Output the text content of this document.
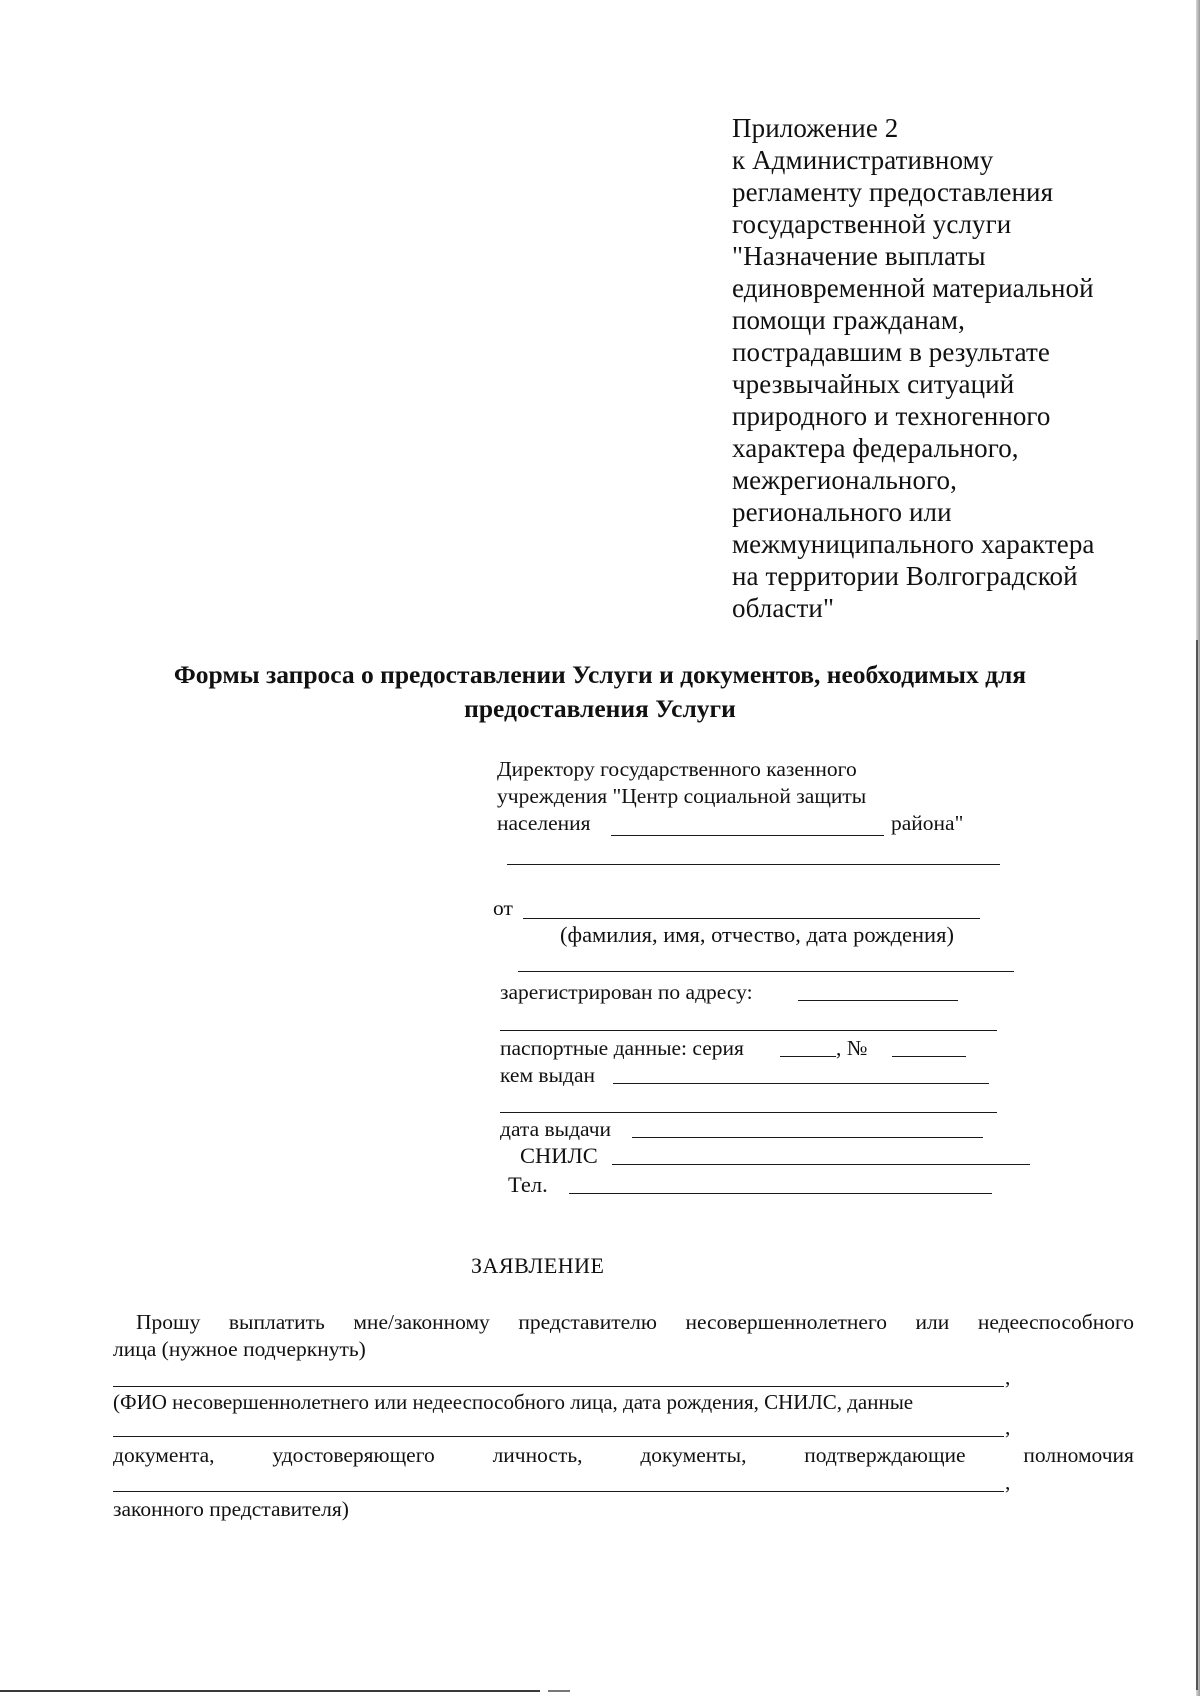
Приложение 2
к Административному
регламенту предоставления
государственной услуги
"Назначение выплаты
единовременной материальной
помощи гражданам,
пострадавшим в результате
чрезвычайных ситуаций
природного и техногенного
характера федерального,
межрегионального,
регионального или
межмуниципального характера
на территории Волгоградской
области"
Формы запроса о предоставлении Услуги и документов, необходимых для
предоставления Услуги
Директору государственного казенного
учреждения "Центр социальной защиты
населения	района"
от
(фамилия, имя, отчество, дата рождения)
зарегистрирован по адресу:
паспортные данные: серия	, №
кем выдан
дата выдачи
СНИЛС
Тел.
ЗАЯВЛЕНИЕ
Прошу выплатить мне/законному представителю несовершеннолетнего или недееспособного
лица (нужное подчеркнуть)
,
(ФИО несовершеннолетнего или недееспособного лица, дата рождения, СНИЛС, данные
,
документа,	удостоверяющего	личность,	документы,	подтверждающие	полномочия
,
законного представителя)
